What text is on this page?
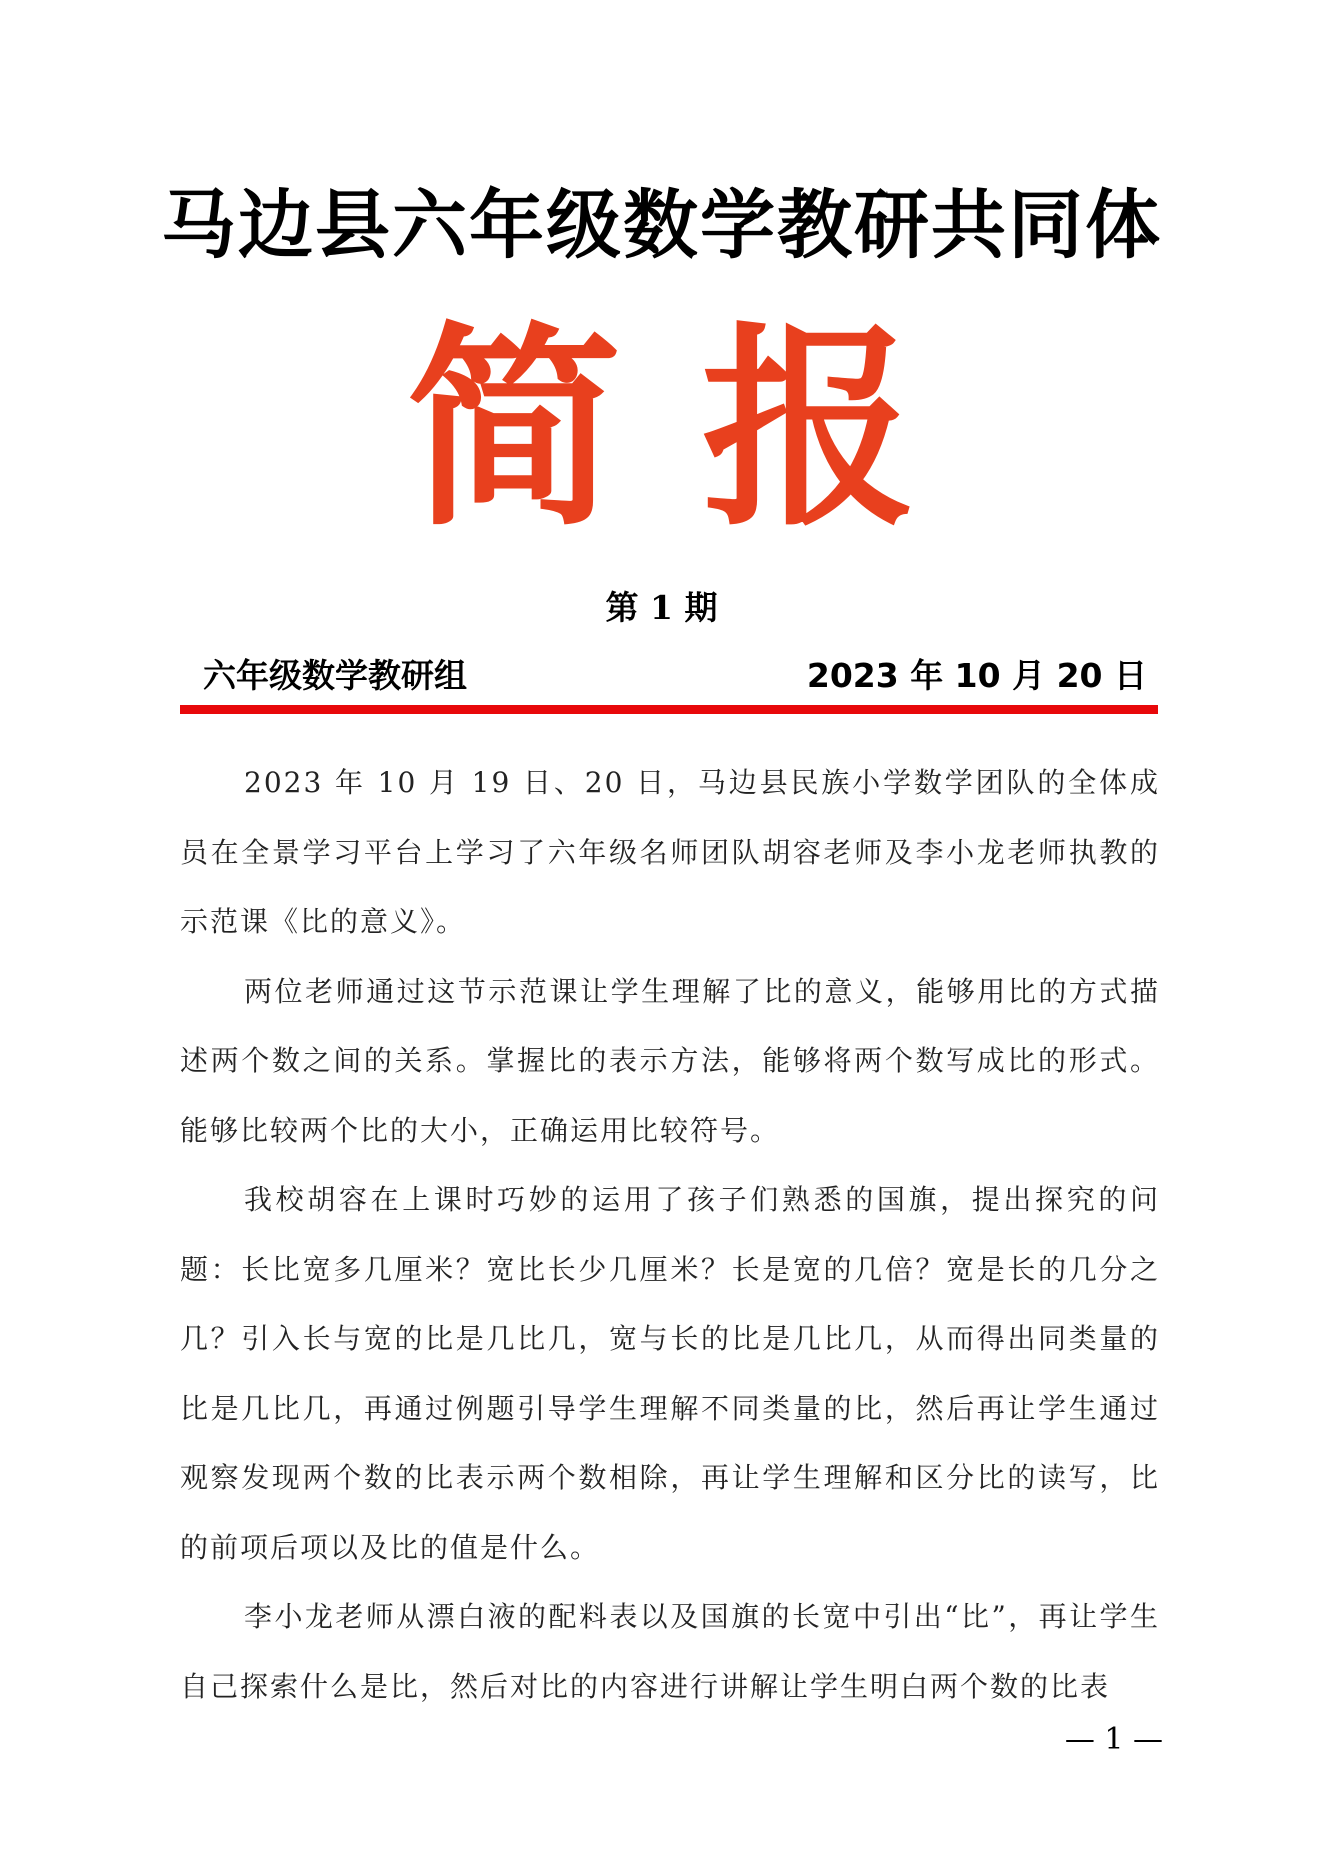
马边县六年级数学教研共同体
简报
第 1 期
六年级数学教研组	2023 年 10 月 20 日

2023 年 10 月 19 日、20 日，马边县民族小学数学团队的全体成员在全景学习平台上学习了六年级名师团队胡容老师及李小龙老师执教的示范课《比的意义》。

两位老师通过这节示范课让学生理解了比的意义，能够用比的方式描述两个数之间的关系。掌握比的表示方法，能够将两个数写成比的形式。能够比较两个比的大小，正确运用比较符号。

我校胡容在上课时巧妙的运用了孩子们熟悉的国旗，提出探究的问题：长比宽多几厘米？宽比长少几厘米？长是宽的几倍？宽是长的几分之几？引入长与宽的比是几比几，宽与长的比是几比几，从而得出同类量的比是几比几，再通过例题引导学生理解不同类量的比，然后再让学生通过观察发现两个数的比表示两个数相除，再让学生理解和区分比的读写，比的前项后项以及比的值是什么。

李小龙老师从漂白液的配料表以及国旗的长宽中引出“比”，再让学生自己探索什么是比，然后对比的内容进行讲解让学生明白两个数的比表

— 1 —
